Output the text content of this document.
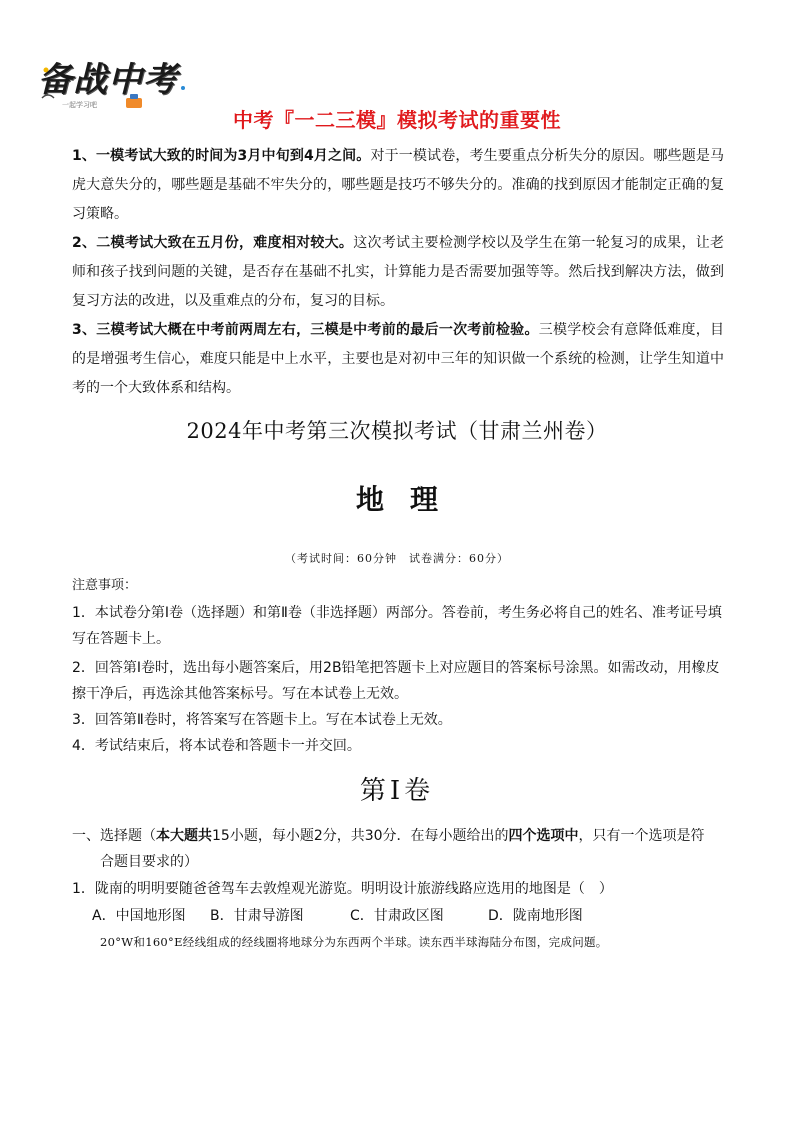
备战中考
一起学习吧
中考『一二三模』模拟考试的重要性
1、一模考试大致的时间为3月中旬到4月之间。对于一模试卷，考生要重点分析失分的原因。哪些题是马虎大意失分的，哪些题是基础不牢失分的，哪些题是技巧不够失分的。准确的找到原因才能制定正确的复习策略。
2、二模考试大致在五月份，难度相对较大。这次考试主要检测学校以及学生在第一轮复习的成果，让老师和孩子找到问题的关键，是否存在基础不扎实，计算能力是否需要加强等等。然后找到解决方法，做到复习方法的改进，以及重难点的分布，复习的目标。
3、三模考试大概在中考前两周左右，三模是中考前的最后一次考前检验。三模学校会有意降低难度，目的是增强考生信心，难度只能是中上水平，主要也是对初中三年的知识做一个系统的检测，让学生知道中考的一个大致体系和结构。
2024年中考第三次模拟考试（甘肃兰州卷）
地理
（考试时间：60分钟　试卷满分：60分）
注意事项：
1．本试卷分第Ⅰ卷（选择题）和第Ⅱ卷（非选择题）两部分。答卷前，考生务必将自己的姓名、准考证号填写在答题卡上。
2．回答第Ⅰ卷时，选出每小题答案后，用2B铅笔把答题卡上对应题目的答案标号涂黑。如需改动，用橡皮擦干净后，再选涂其他答案标号。写在本试卷上无效。
3．回答第Ⅱ卷时，将答案写在答题卡上。写在本试卷上无效。
4．考试结束后，将本试卷和答题卡一并交回。
第Ⅰ卷
一、选择题（本大题共15小题，每小题2分，共30分．在每小题给出的四个选项中，只有一个选项是符
合题目要求的）
1．陇南的明明要随爸爸驾车去敦煌观光游览。明明设计旅游线路应选用的地图是（　）
A．中国地形图	B．甘肃导游图	C．甘肃政区图	D．陇南地形图
20°W和160°E经线组成的经线圈将地球分为东西两个半球。读东西半球海陆分布图，完成问题。
